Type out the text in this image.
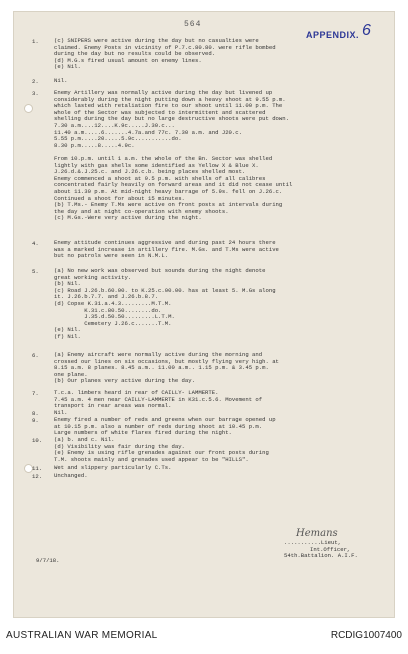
564
APPENDIX. 6
1.	(c) SNIPERS were active during the day but no casualties were
claimed. Enemy Posts in vicinity of P.7.c.80.80. were rifle bombed
during the day but no results could be observed.
(d) M.G.s fired usual amount on enemy lines.
(e) Nil.
2.	Nil.
3.	Enemy Artillery was normally active during the day but livened up
considerably during the night putting down a heavy shoot at 9.55 p.m.
which lasted with retaliation fire to our shoot until 11.00 p.m. The
whole of the Sector was subjected to intermittent and scattered
shelling during the day but no large destructive shoots were put down.
7.30 a.m....12....K.9c.....J.30.c...
11.40 a.m.....6.......4.7a.and 77c. 7.30 a.m. and J20.c.
5.55 p.m.....20.....5.9c...........do.
8.30 p.m.....8.....4.9c.

From 10.p.m. until 1 a.m. the whole of the Bn. Sector was shelled
lightly with gas shells some identified as Yellow X & Blue X.
J.26.d.&.J.25.c. and J.26.c.b. being places shelled most.
Enemy commenced a shoot at 9.5 p.m. with shells of all calibres
concentrated fairly heavily on forward areas and it did not cease until
about 11.30 p.m. At mid-night heavy barrage of 5.9s. fell on J.26.c.
Continued a shoot for about 15 minutes.
(b) T.Ms.- Enemy T.Ms were active on front posts at intervals during
the day and at night co-operation with enemy shoots.
(c) M.Gs.-Were very active during the night.
4.	Enemy attitude continues aggressive and during past 24 hours there
was a marked increase in artillery fire. M.Gs. and T.Ms were active
but no patrols were seen in N.M.L.
5.	(a) No new work was observed but sounds during the night denote
great working activity.
(b) Nil.
(c) Road J.26.b.60.00. to K.25.c.00.00. has at least 5. M.Gs along
it. J.26.b.7.7. and J.26.b.8.7.
(d) Copse K.31.a.4.3.........M.T.M.
K.31.c.80.50........do.
J.35.d.50.50.........L.T.M.
Cemetery J.26.c.......T.M.
(e) Nil.
(f) Nil.
6.	(a) Enemy aircraft were normally active during the morning and
crossed our lines on six occasions, but mostly flying very high. at
8.15 a.m. 8 planes. 8.45 a.m.. 11.00 a.m.. 1.15 p.m. & 3.45 p.m.
one plane.
(b) Our planes very active during the day.
7.	T.c.a. limbers heard in rear of CAILLY- LAMMERTE.
7.45 a.m. 4 men near CAILLY-LAMMERTE in K31.c.5.6. Movement of
transport in rear areas was normal.
8.	Nil.
9.	Enemy fired a number of reds and greens when our barrage opened up
at 10.15 p.m. also a number of reds during shoot at 10.45 p.m.
Large numbers of white flares fired during the night.
10. (a) b. and c. Nil.
(d) Visibility was fair during the day.
(e) Enemy is using rifle grenades against our front posts during
T.M. shoots mainly and grenades used appear to be "HILLS".
11. Wet and slippery particularly C.Ts.
12. Unchanged.
9/7/18.
Hemans
...........Lieut,
Int.Officer,
54th.Battalion. A.I.F.
AUSTRALIAN WAR MEMORIAL	RCDIG1007400
